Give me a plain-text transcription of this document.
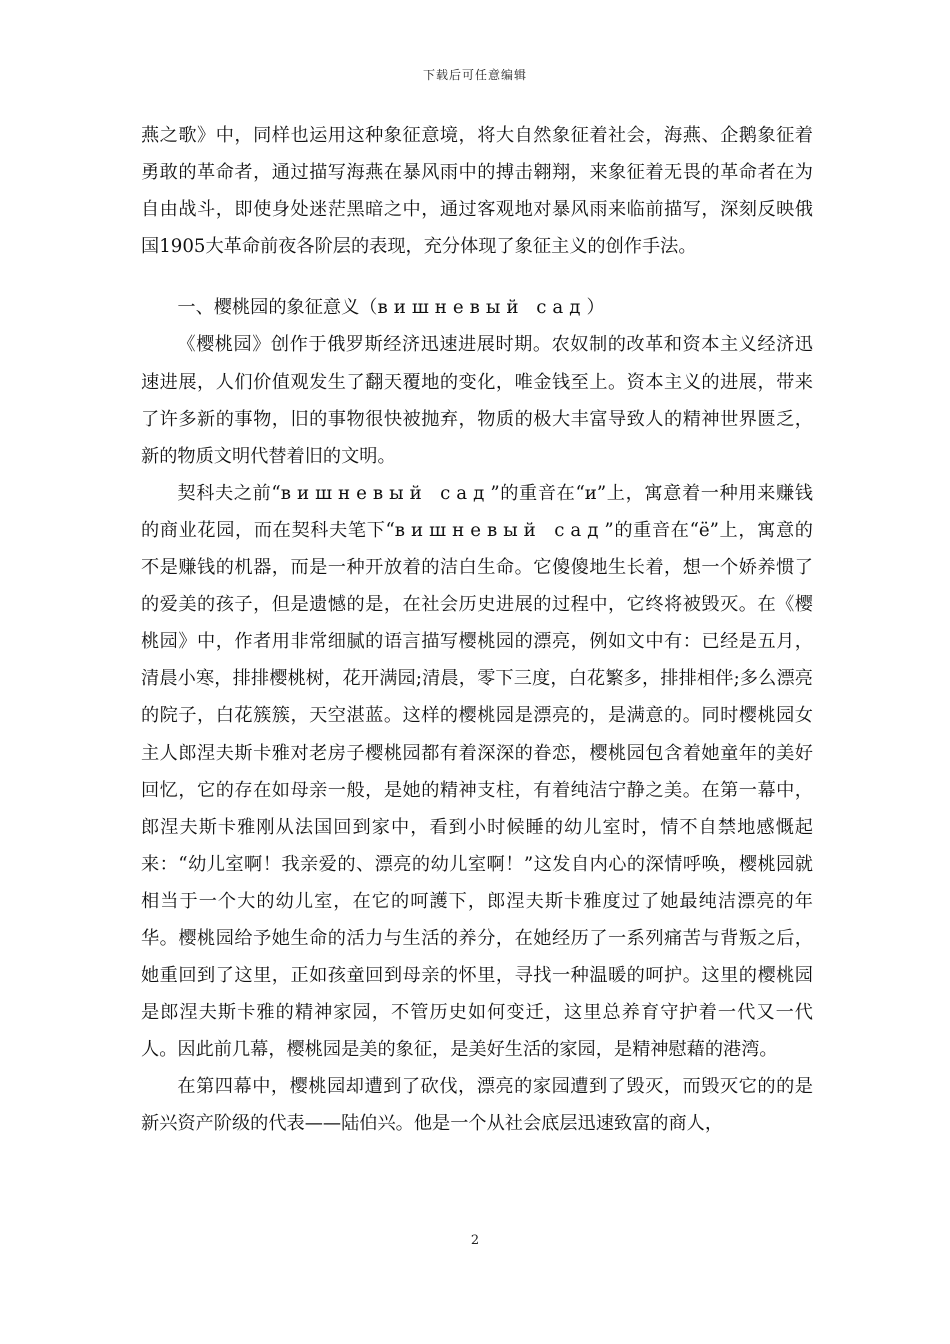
下载后可任意编辑

燕之歌》中，同样也运用这种象征意境，将大自然象征着社会，海燕、企鹅象征着勇敢的革命者，通过描写海燕在暴风雨中的搏击翱翔，来象征着无畏的革命者在为自由战斗，即使身处迷茫黑暗之中，通过客观地对暴风雨来临前描写，深刻反映俄国1905大革命前夜各阶层的表现，充分体现了象征主义的创作手法。

一、樱桃园的象征意义（вишневый сад）

《樱桃园》创作于俄罗斯经济迅速进展时期。农奴制的改革和资本主义经济迅速进展，人们价值观发生了翻天覆地的变化，唯金钱至上。资本主义的进展，带来了许多新的事物，旧的事物很快被抛弃，物质的极大丰富导致人的精神世界匮乏，新的物质文明代替着旧的文明。

契科夫之前“вишневый сад”的重音在“и”上，寓意着一种用来赚钱的商业花园，而在契科夫笔下“вишневый сад”的重音在“ё”上，寓意的不是赚钱的机器，而是一种开放着的洁白生命。它傻傻地生长着，想一个娇养惯了的爱美的孩子，但是遗憾的是，在社会历史进展的过程中，它终将被毁灭。在《樱桃园》中，作者用非常细腻的语言描写樱桃园的漂亮，例如文中有：已经是五月，清晨小寒，排排樱桃树，花开满园;清晨，零下三度，白花繁多，排排相伴;多么漂亮的院子，白花簇簇，天空湛蓝。这样的樱桃园是漂亮的，是满意的。同时樱桃园女主人郎涅夫斯卡雅对老房子樱桃园都有着深深的眷恋，樱桃园包含着她童年的美好回忆，它的存在如母亲一般，是她的精神支柱，有着纯洁宁静之美。在第一幕中，郎涅夫斯卡雅刚从法国回到家中，看到小时候睡的幼儿室时，情不自禁地感慨起来：“幼儿室啊！我亲爱的、漂亮的幼儿室啊！”这发自内心的深情呼唤，樱桃园就相当于一个大的幼儿室，在它的呵護下，郎涅夫斯卡雅度过了她最纯洁漂亮的年华。樱桃园给予她生命的活力与生活的养分，在她经历了一系列痛苦与背叛之后，她重回到了这里，正如孩童回到母亲的怀里，寻找一种温暖的呵护。这里的樱桃园是郎涅夫斯卡雅的精神家园，不管历史如何变迁，这里总养育守护着一代又一代人。因此前几幕，樱桃园是美的象征，是美好生活的家园，是精神慰藉的港湾。

在第四幕中，樱桃园却遭到了砍伐，漂亮的家园遭到了毁灭，而毁灭它的的是新兴资产阶级的代表——陆伯兴。他是一个从社会底层迅速致富的商人，

2
